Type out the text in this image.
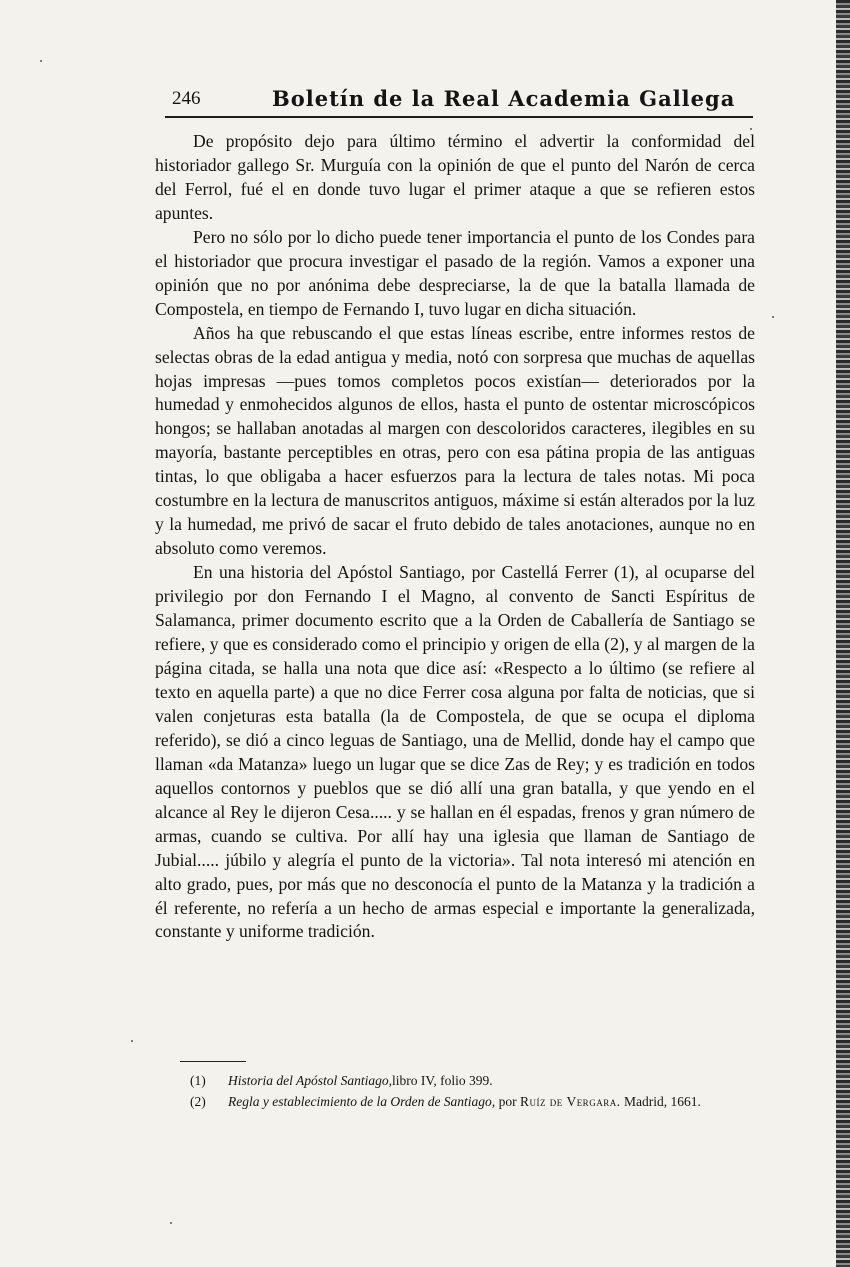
246	Boletín de la Real Academia Gallega

De propósito dejo para último término el advertir la conformidad del historiador gallego Sr. Murguía con la opinión de que el punto del Narón de cerca del Ferrol, fué el en donde tuvo lugar el primer ataque a que se refieren estos apuntes.

Pero no sólo por lo dicho puede tener importancia el punto de los Condes para el historiador que procura investigar el pasado de la región. Vamos a exponer una opinión que no por anónima debe despreciarse, la de que la batalla llamada de Compostela, en tiempo de Fernando I, tuvo lugar en dicha situación.

Años ha que rebuscando el que estas líneas escribe, entre informes restos de selectas obras de la edad antigua y media, notó con sorpresa que muchas de aquellas hojas impresas —pues tomos completos pocos existían— deteriorados por la humedad y enmohecidos algunos de ellos, hasta el punto de ostentar microscópicos hongos; se hallaban anotadas al margen con descoloridos caracteres, ilegibles en su mayoría, bastante perceptibles en otras, pero con esa pátina propia de las antiguas tintas, lo que obligaba a hacer esfuerzos para la lectura de tales notas. Mi poca costumbre en la lectura de manuscritos antiguos, máxime si están alterados por la luz y la humedad, me privó de sacar el fruto debido de tales anotaciones, aunque no en absoluto como veremos.

En una historia del Apóstol Santiago, por Castellá Ferrer (1), al ocuparse del privilegio por don Fernando I el Magno, al convento de Sancti Espíritus de Salamanca, primer documento escrito que a la Orden de Caballería de Santiago se refiere, y que es considerado como el principio y origen de ella (2), y al margen de la página citada, se halla una nota que dice así: «Respecto a lo último (se refiere al texto en aquella parte) a que no dice Ferrer cosa alguna por falta de noticias, que si valen conjeturas esta batalla (la de Compostela, de que se ocupa el diploma referido), se dió a cinco leguas de Santiago, una de Mellid, donde hay el campo que llaman «da Matanza» luego un lugar que se dice Zas de Rey; y es tradición en todos aquellos contornos y pueblos que se dió allí una gran batalla, y que yendo en el alcance al Rey le dijeron Cesa..... y se hallan en él espadas, frenos y gran número de armas, cuando se cultiva. Por allí hay una iglesia que llaman de Santiago de Jubial..... júbilo y alegría el punto de la victoria». Tal nota interesó mi atención en alto grado, pues, por más que no desconocía el punto de la Matanza y la tradición a él referente, no refería a un hecho de armas especial e importante la generalizada, constante y uniforme tradición.

(1)	Historia del Apóstol Santiago, libro IV, folio 399.
(2)	Regla y establecimiento de la Orden de Santiago, por Ruíz de Vergara. Madrid, 1661.
